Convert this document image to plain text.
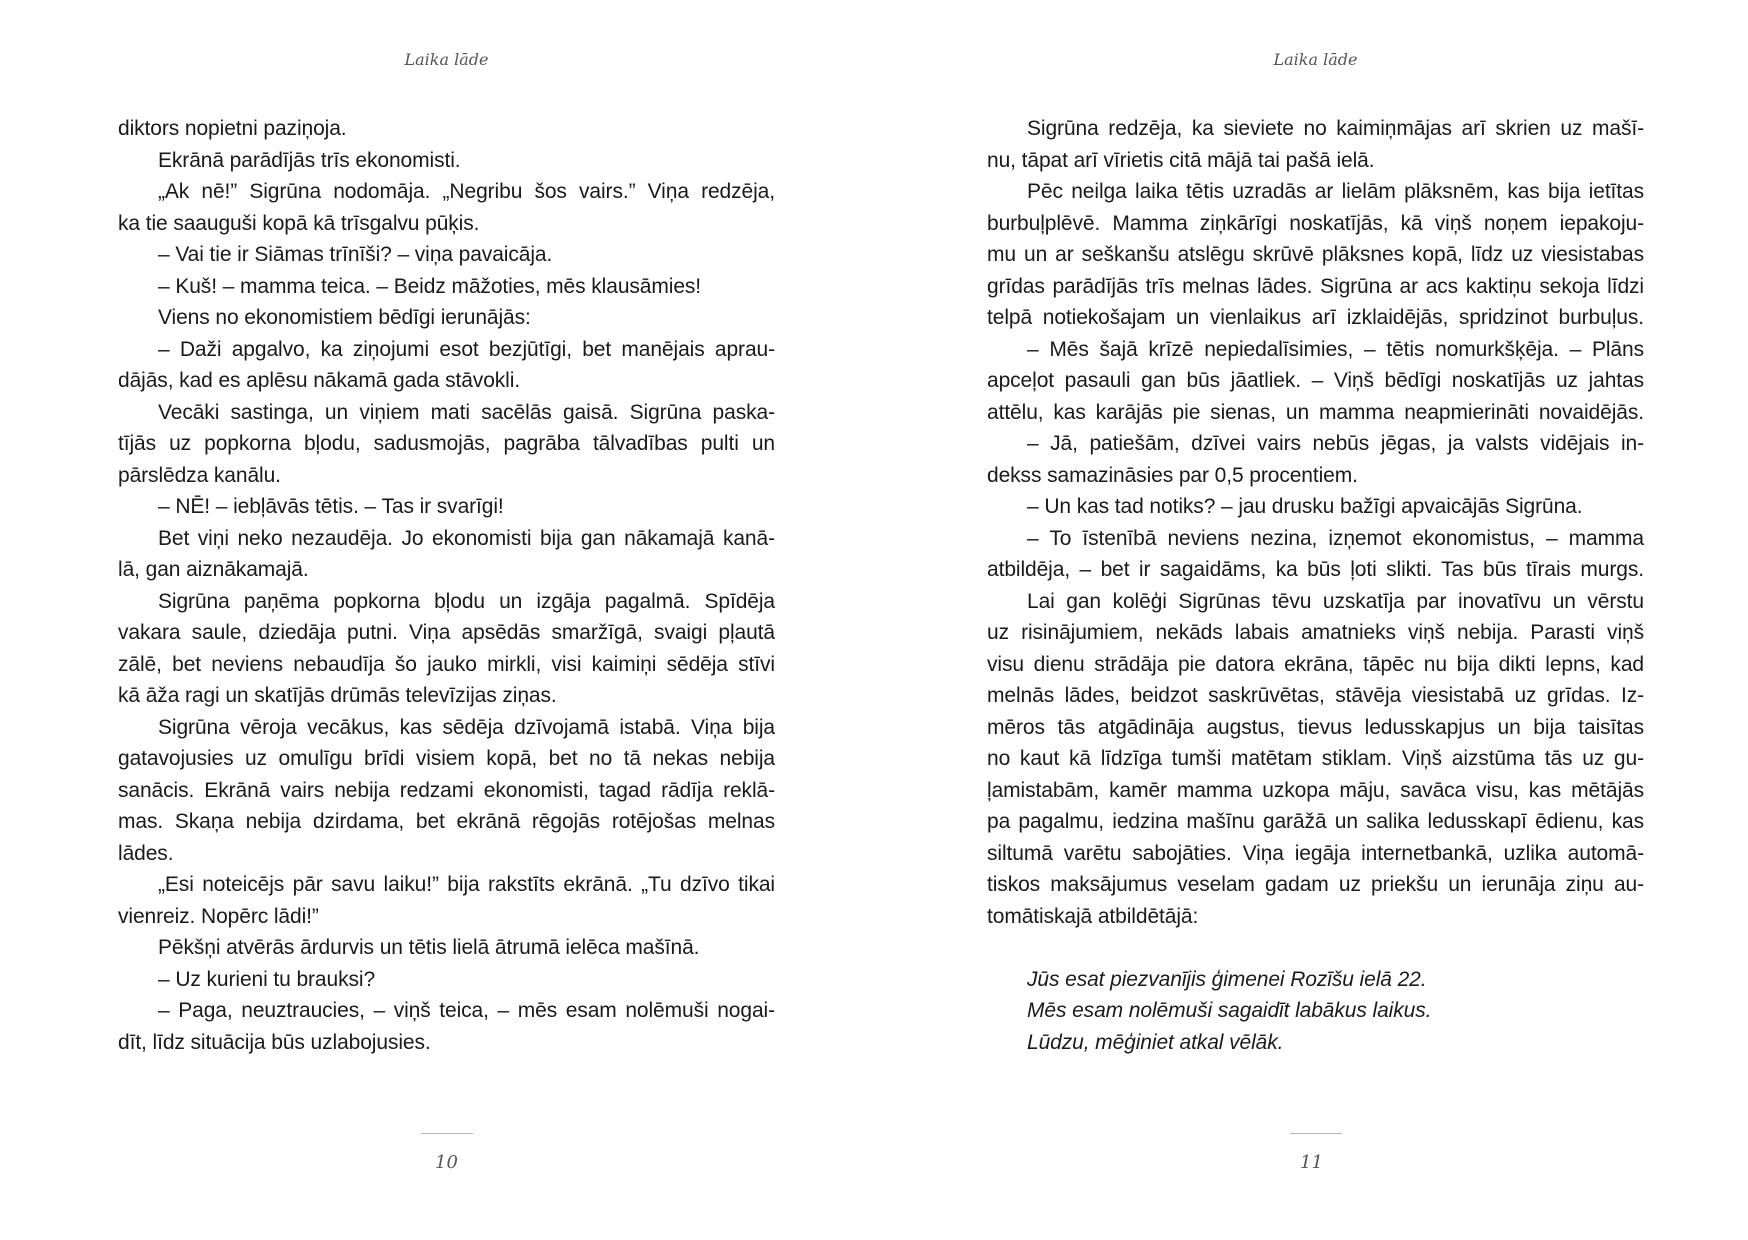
Laika lāde
diktors nopietni paziņoja.
Ekrānā parādījās trīs ekonomisti.
„Ak nē!” Sigrūna nodomāja. „Negribu šos vairs.” Viņa redzēja,
ka tie saauguši kopā kā trīsgalvu pūķis.
– Vai tie ir Siāmas trīnīši? – viņa pavaicāja.
– Kuš! – mamma teica. – Beidz māžoties, mēs klausāmies!
Viens no ekonomistiem bēdīgi ierunājās:
– Daži apgalvo, ka ziņojumi esot bezjūtīgi, bet manējais aprau-
dājās, kad es aplēsu nākamā gada stāvokli.
Vecāki sastinga, un viņiem mati sacēlās gaisā. Sigrūna paska-
tījās uz popkorna bļodu, sadusmojās, pagrāba tālvadības pulti un
pārslēdza kanālu.
– NĒ! – iebļāvās tētis. – Tas ir svarīgi!
Bet viņi neko nezaudēja. Jo ekonomisti bija gan nākamajā kanā-
lā, gan aiznākamajā.
Sigrūna paņēma popkorna bļodu un izgāja pagalmā. Spīdēja
vakara saule, dziedāja putni. Viņa apsēdās smaržīgā, svaigi pļautā
zālē, bet neviens nebaudīja šo jauko mirkli, visi kaimiņi sēdēja stīvi
kā āža ragi un skatījās drūmās televīzijas ziņas.
Sigrūna vēroja vecākus, kas sēdēja dzīvojamā istabā. Viņa bija
gatavojusies uz omulīgu brīdi visiem kopā, bet no tā nekas nebija
sanācis. Ekrānā vairs nebija redzami ekonomisti, tagad rādīja reklā-
mas. Skaņa nebija dzirdama, bet ekrānā rēgojās rotējošas melnas
lādes.
„Esi noteicējs pār savu laiku!” bija rakstīts ekrānā. „Tu dzīvo tikai
vienreiz. Nopērc lādi!”
Pēkšņi atvērās ārdurvis un tētis lielā ātrumā ielēca mašīnā.
– Uz kurieni tu brauksi?
– Paga, neuztraucies, – viņš teica, – mēs esam nolēmuši nogai-
dīt, līdz situācija būs uzlabojusies.
10
Laika lāde
Sigrūna redzēja, ka sieviete no kaimiņmājas arī skrien uz mašī-
nu, tāpat arī vīrietis citā mājā tai pašā ielā.
Pēc neilga laika tētis uzradās ar lielām plāksnēm, kas bija ietītas
burbuļplēvē. Mamma ziņkārīgi noskatījās, kā viņš noņem iepakoju-
mu un ar seškanšu atslēgu skrūvē plāksnes kopā, līdz uz viesistabas
grīdas parādījās trīs melnas lādes. Sigrūna ar acs kaktiņu sekoja līdzi
telpā notiekošajam un vienlaikus arī izklaidējās, spridzinot burbuļus.
– Mēs šajā krīzē nepiedalīsimies, – tētis nomurkšķēja. – Plāns
apceļot pasauli gan būs jāatliek. – Viņš bēdīgi noskatījās uz jahtas
attēlu, kas karājās pie sienas, un mamma neapmierināti novaidējās.
– Jā, patiešām, dzīvei vairs nebūs jēgas, ja valsts vidējais in-
dekss samazināsies par 0,5 procentiem.
– Un kas tad notiks? – jau drusku bažīgi apvaicājās Sigrūna.
– To īstenībā neviens nezina, izņemot ekonomistus, – mamma
atbildēja, – bet ir sagaidāms, ka būs ļoti slikti. Tas būs tīrais murgs.
Lai gan kolēģi Sigrūnas tēvu uzskatīja par inovatīvu un vērstu
uz risinājumiem, nekāds labais amatnieks viņš nebija. Parasti viņš
visu dienu strādāja pie datora ekrāna, tāpēc nu bija dikti lepns, kad
melnās lādes, beidzot saskrūvētas, stāvēja viesistabā uz grīdas. Iz-
mēros tās atgādināja augstus, tievus ledusskapjus un bija taisītas
no kaut kā līdzīga tumši matētam stiklam. Viņš aizstūma tās uz gu-
ļamistabām, kamēr mamma uzkopa māju, savāca visu, kas mētājās
pa pagalmu, iedzina mašīnu garāžā un salika ledusskapī ēdienu, kas
siltumā varētu sabojāties. Viņa iegāja internetbankā, uzlika automā-
tiskos maksājumus veselam gadam uz priekšu un ierunāja ziņu au-
tomātiskajā atbildētājā:
Jūs esat piezvanījis ģimenei Rozīšu ielā 22.
Mēs esam nolēmuši sagaidīt labākus laikus.
Lūdzu, mēģiniet atkal vēlāk.
11
